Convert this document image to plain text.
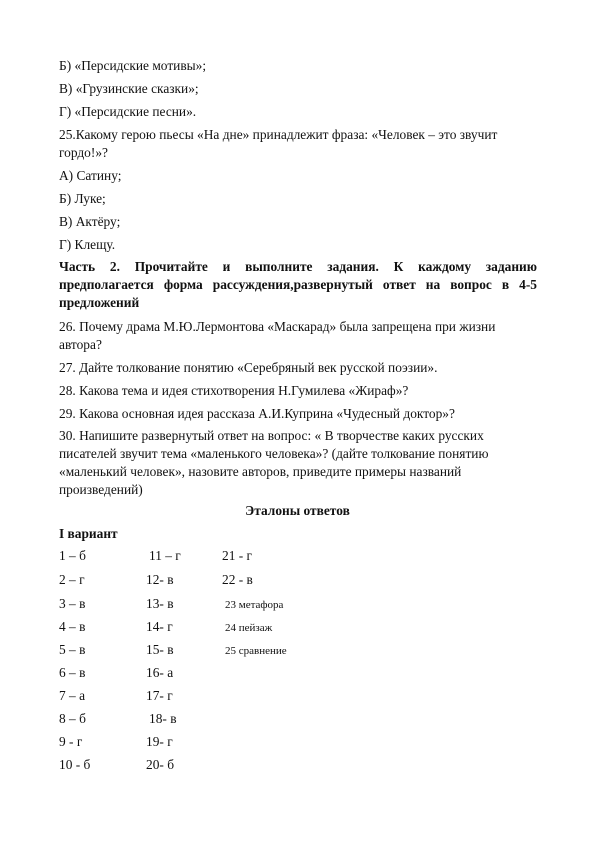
Б) «Персидские мотивы»;
В) «Грузинские сказки»;
Г) «Персидские песни».
25.Какому герою пьесы «На дне» принадлежит фраза: «Человек – это звучит гордо!»?
А) Сатину;
Б) Луке;
В) Актёру;
Г) Клещу.
Часть 2. Прочитайте и выполните задания. К каждому заданию предполагается форма рассуждения,развернутый ответ на вопрос в 4-5 предложений
26. Почему драма М.Ю.Лермонтова «Маскарад» была запрещена при жизни автора?
27. Дайте толкование понятию «Серебряный век русской поэзии».
28. Какова тема и идея стихотворения Н.Гумилева «Жираф»?
29. Какова основная идея рассказа А.И.Куприна «Чудесный доктор»?
30. Напишите развернутый ответ на вопрос: « В творчестве каких русских писателей звучит тема «маленького человека»? (дайте толкование понятию «маленький человек», назовите авторов, приведите примеры названий произведений)
Эталоны ответов
I вариант
1 – б
2 – г
3 – в
4 – в
5 – в
6 – в
7 – а
8 – б
9 - г
10 - б
11 – г
12- в
13- в
14- г
15- в
16- а
17- г
18- в
19- г
20- б
21 - г
22 - в
23 метафора
24 пейзаж
25 сравнение
